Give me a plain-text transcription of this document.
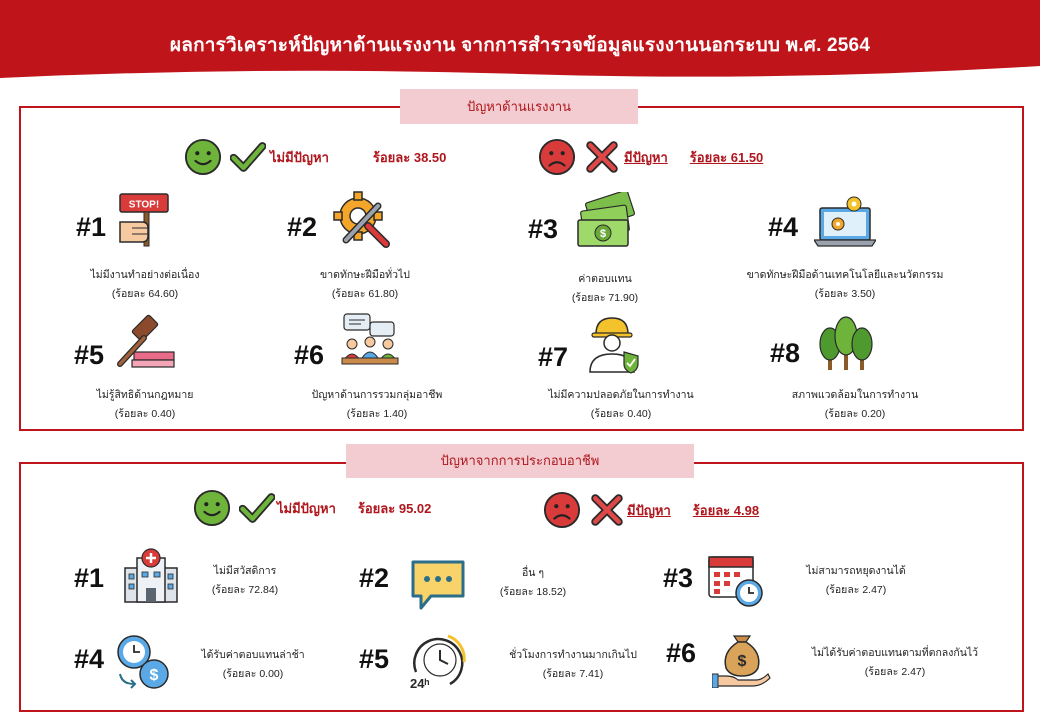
ผลการวิเคราะห์ปัญหาด้านแรงงาน จากการสำรวจข้อมูลแรงงานนอกระบบ พ.ศ. 2564
ปัญหาด้านแรงงาน
ไม่มีปัญหา	ร้อยละ 38.50	มีปัญหา ร้อยละ 61.50
#1
STOP!
ไม่มีงานทำอย่างต่อเนื่อง
(ร้อยละ 64.60)
#2
ขาดทักษะฝีมือทั่วไป
(ร้อยละ 61.80)
#3	$
ค่าตอบแทน
(ร้อยละ 71.90)
#4
ขาดทักษะฝีมือด้านเทคโนโลยีและนวัตกรรม
(ร้อยละ 3.50)
#5
ไม่รู้สิทธิด้านกฎหมาย
(ร้อยละ 0.40)
#6
ปัญหาด้านการรวมกลุ่มอาชีพ
(ร้อยละ 1.40)
#7
ไม่มีความปลอดภัยในการทำงาน
(ร้อยละ 0.40)
#8
สภาพแวดล้อมในการทำงาน
(ร้อยละ 0.20)
ปัญหาจากการประกอบอาชีพ
ไม่มีปัญหา ร้อยละ 95.02	มีปัญหา ร้อยละ 4.98
#1	ไม่มีสวัสดิการ
(ร้อยละ 72.84)	#2	อื่น ๆ
(ร้อยละ 18.52)	#3	ไม่สามารถหยุดงานได้
(ร้อยละ 2.47)
#4
$
ได้รับค่าตอบแทนล่าช้า
(ร้อยละ 0.00)	#5
24ʰ
ชั่วโมงการทำงานมากเกินไป
(ร้อยละ 7.41)
#6	$	ไม่ได้รับค่าตอบแทนตามที่ตกลงกันไว้
(ร้อยละ 2.47)
